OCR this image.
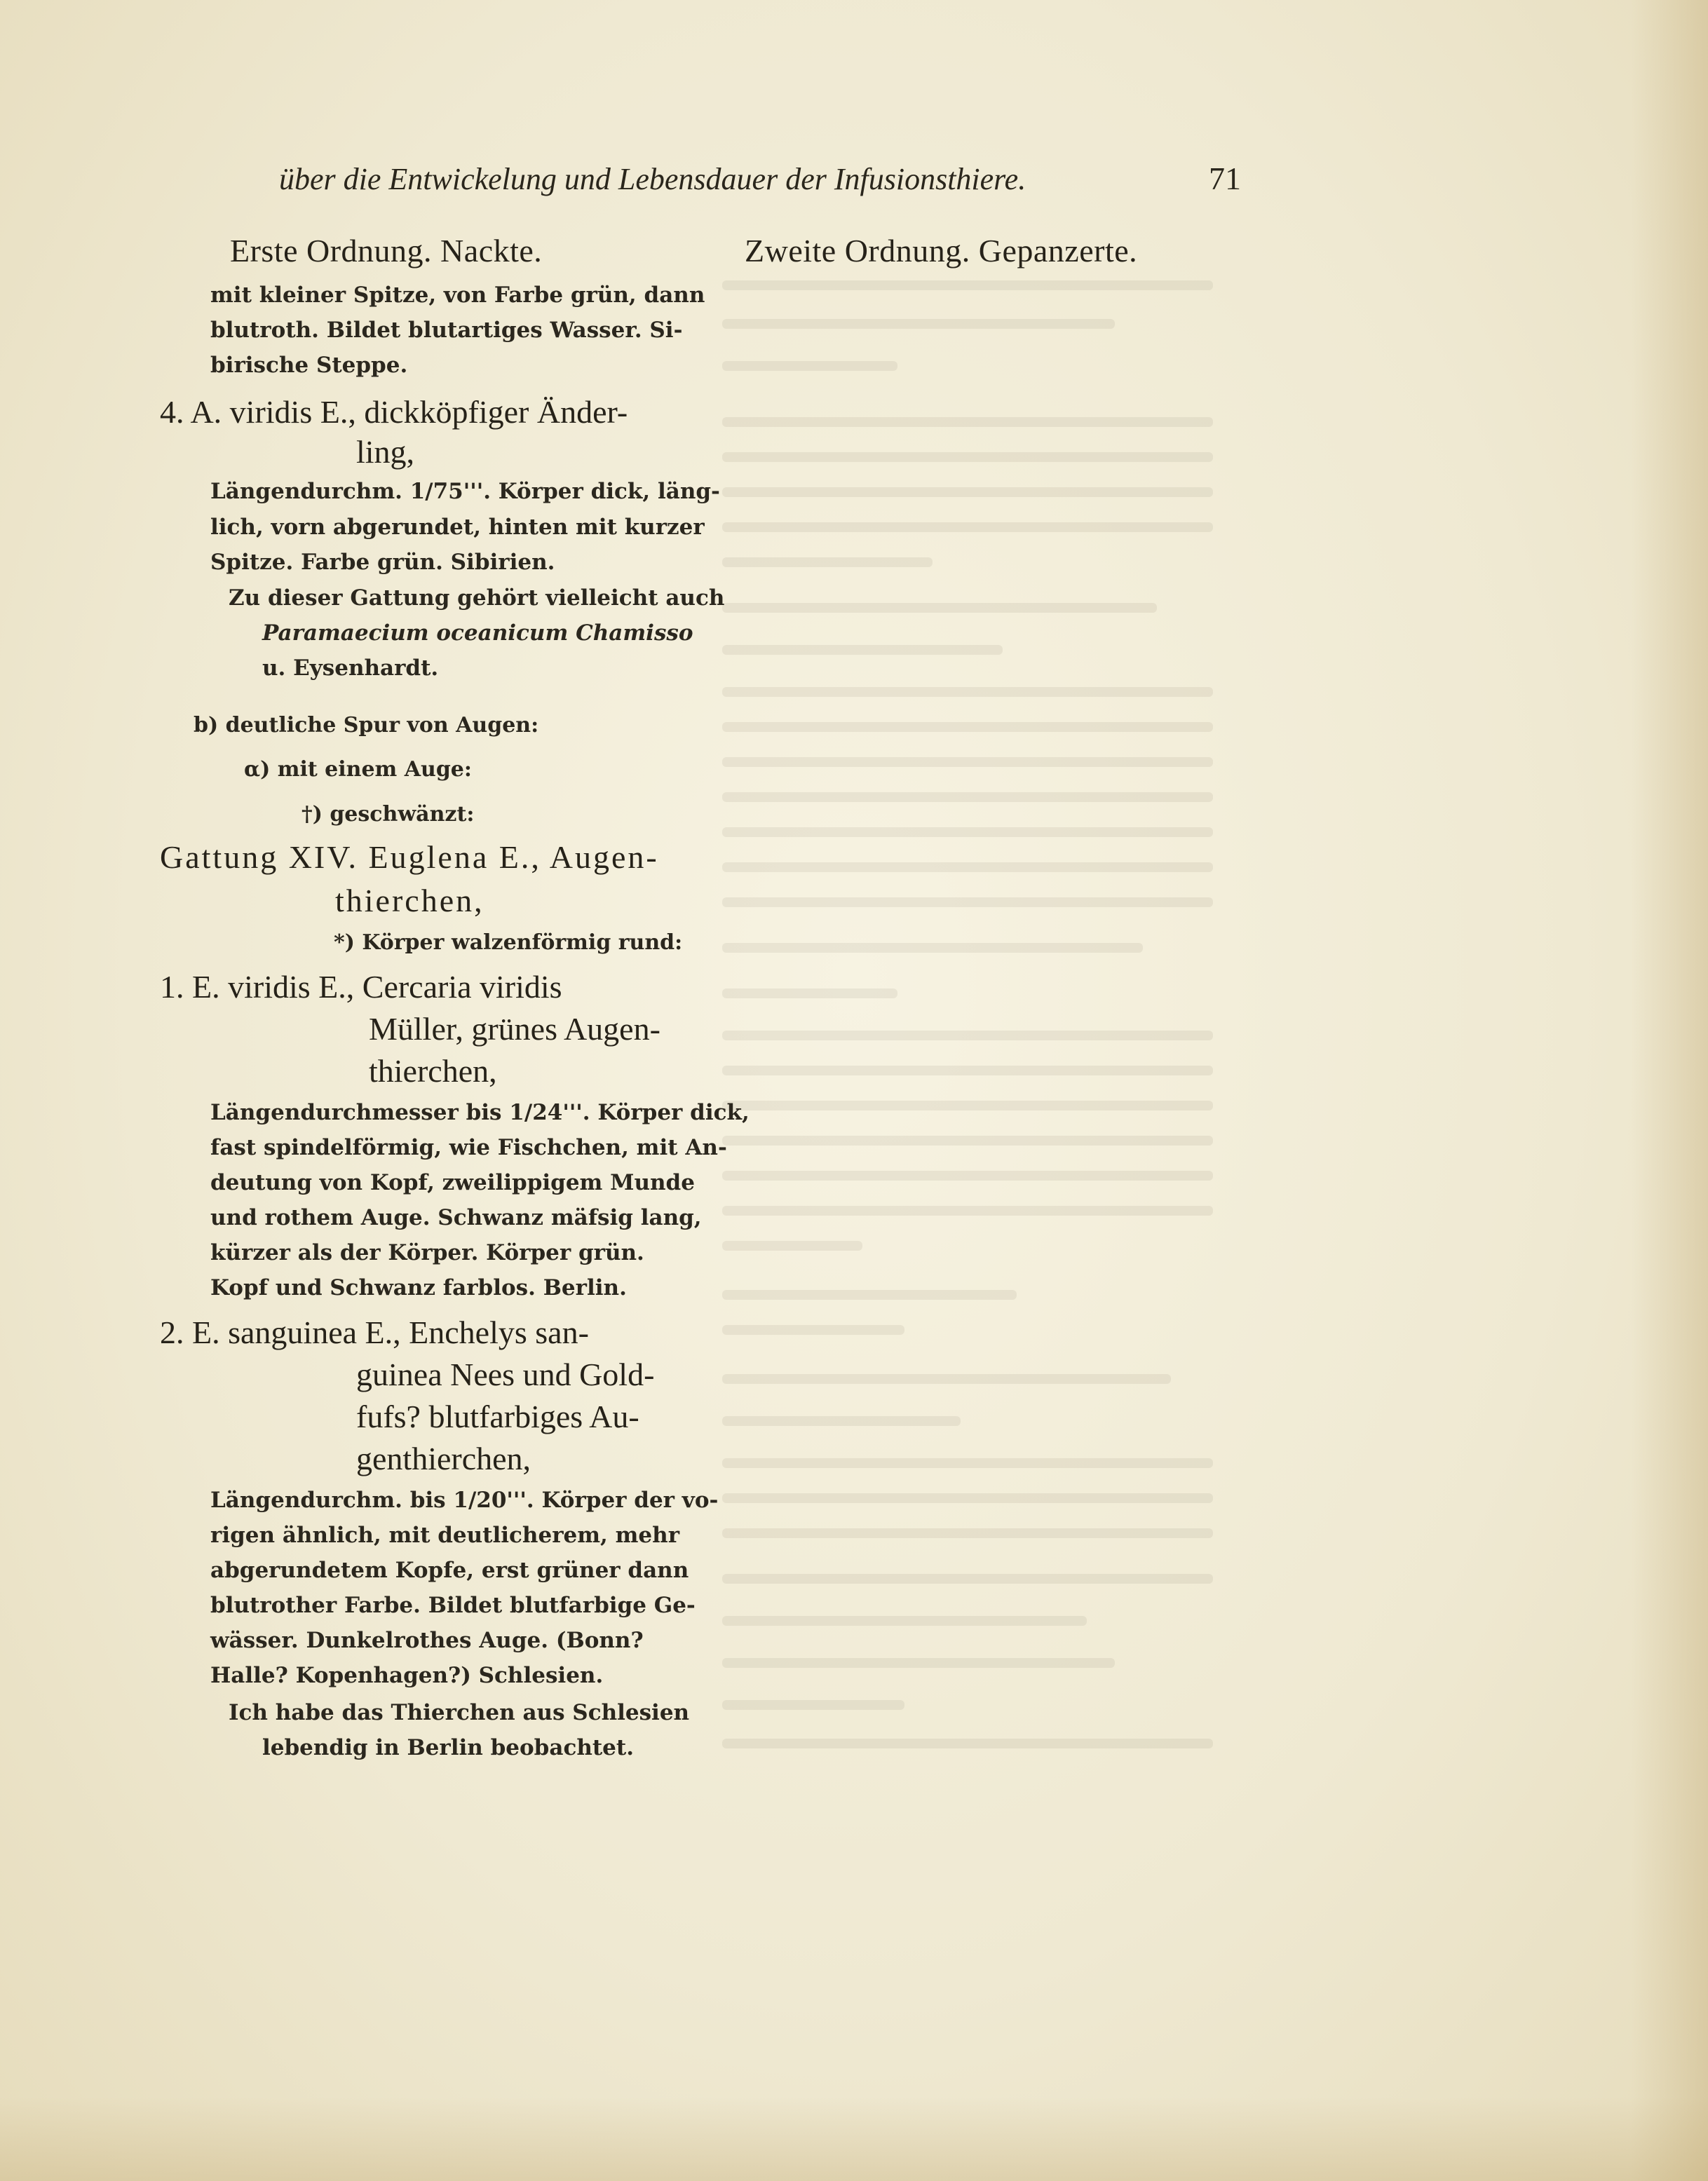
über die Entwickelung und Lebensdauer der Infusionsthiere.	71
Erste Ordnung. Nackte.	Zweite Ordnung. Gepanzerte.
mit kleiner Spitze, von Farbe grün, dann
blutroth. Bildet blutartiges Wasser. Si-
birische Steppe.
4. A. viridis E., dickköpfiger Änder-
ling,
Längendurchm. 1/75'''. Körper dick, läng-
lich, vorn abgerundet, hinten mit kurzer
Spitze. Farbe grün. Sibirien.
Zu dieser Gattung gehört vielleicht auch
Paramaecium oceanicum Chamisso
u. Eysenhardt.
b) deutliche Spur von Augen:
α) mit einem Auge:
†) geschwänzt:
Gattung XIV. Euglena E., Augen-
thierchen,
*) Körper walzenförmig rund:
1. E. viridis E., Cercaria viridis
Müller, grünes Augen-
thierchen,
Längendurchmesser bis 1/24'''. Körper dick,
fast spindelförmig, wie Fischchen, mit An-
deutung von Kopf, zweilippigem Munde
und rothem Auge. Schwanz mäfsig lang,
kürzer als der Körper. Körper grün.
Kopf und Schwanz farblos. Berlin.
2. E. sanguinea E., Enchelys san-
guinea Nees und Gold-
fufs? blutfarbiges Au-
genthierchen,
Längendurchm. bis 1/20'''. Körper der vo-
rigen ähnlich, mit deutlicherem, mehr
abgerundetem Kopfe, erst grüner dann
blutrother Farbe. Bildet blutfarbige Ge-
wässer. Dunkelrothes Auge. (Bonn?
Halle? Kopenhagen?) Schlesien.
Ich habe das Thierchen aus Schlesien
lebendig in Berlin beobachtet.
